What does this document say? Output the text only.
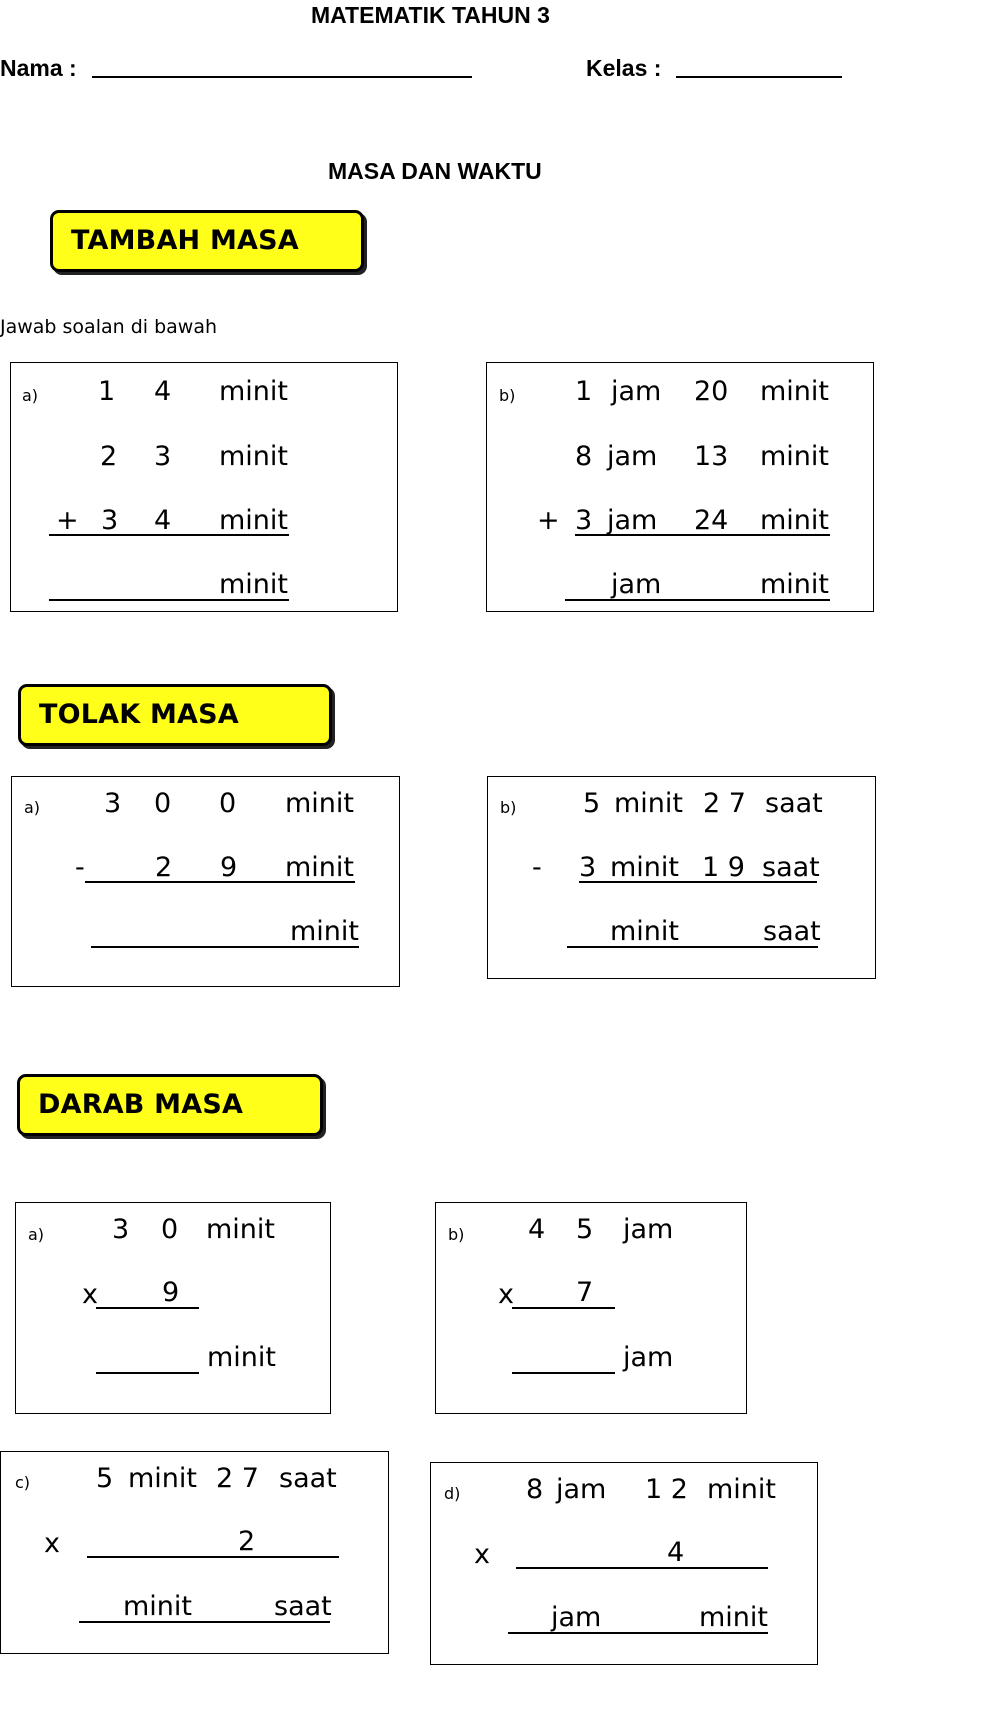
MATEMATIK TAHUN 3
Nama :	Kelas :
MASA DAN WAKTU
TAMBAH MASA
Jawab soalan di bawah
a) 1 4 minit
2 3 minit
+ 3 4 minit
minit
b) 1 jam 20 minit
8 jam 13 minit
+ 3 jam 24 minit
jam	minit
TOLAK MASA
a) 3 0 0 minit
-	2 9 minit
minit
b) 5 minit 2 7 saat
- 3 minit 1 9 saat
minit	saat
DARAB MASA
a)	3 0 minit
x 9
minit
b) 4 5 jam
x 7
jam
c) 5 minit 2 7 saat
x	2
minit	saat
d) 8 jam 1 2 minit
x	4
jam	minit
